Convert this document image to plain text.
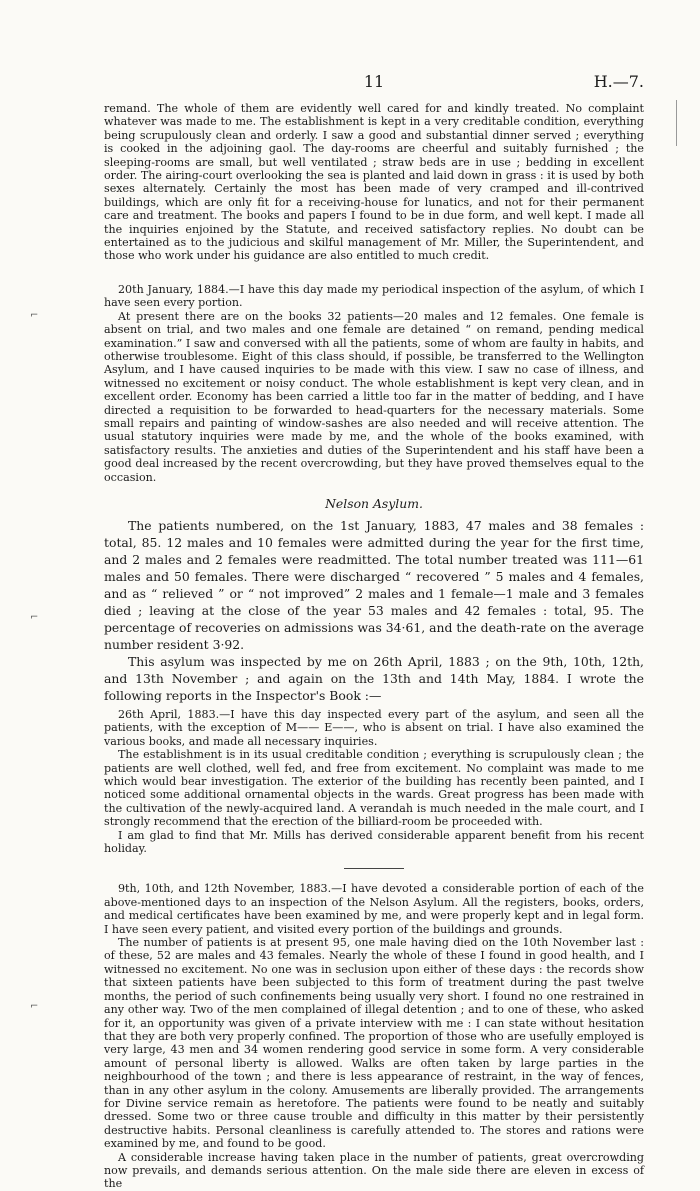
11	H.—7.
⌐
⌐
⌐

remand. The whole of them are evidently well cared for and kindly treated. No complaint whatever was made to me. The establishment is kept in a very creditable condition, everything being scrupulously clean and orderly. I saw a good and substantial dinner served ; everything is cooked in the adjoining gaol. The day-rooms are cheerful and suitably furnished ; the sleeping-rooms are small, but well ventilated ; straw beds are in use ; bedding in excellent order. The airing-court overlooking the sea is planted and laid down in grass : it is used by both sexes alternately. Certainly the most has been made of very cramped and ill-contrived buildings, which are only fit for a receiving-house for lunatics, and not for their permanent care and treatment. The books and papers I found to be in due form, and well kept. I made all the inquiries enjoined by the Statute, and received satisfactory replies. No doubt can be entertained as to the judicious and skilful management of Mr. Miller, the Superintendent, and those who work under his guidance are also entitled to much credit.

20th January, 1884.—I have this day made my periodical inspection of the asylum, of which I have seen every portion.

At present there are on the books 32 patients—20 males and 12 females. One female is absent on trial, and two males and one female are detained “ on remand, pending medical examination.” I saw and conversed with all the patients, some of whom are faulty in habits, and otherwise troublesome. Eight of this class should, if possible, be transferred to the Wellington Asylum, and I have caused inquiries to be made with this view. I saw no case of illness, and witnessed no excitement or noisy conduct. The whole establishment is kept very clean, and in excellent order. Economy has been carried a little too far in the matter of bedding, and I have directed a requisition to be forwarded to head-quarters for the necessary materials. Some small repairs and painting of window-sashes are also needed and will receive attention. The usual statutory inquiries were made by me, and the whole of the books examined, with satisfactory results. The anxieties and duties of the Superintendent and his staff have been a good deal increased by the recent overcrowding, but they have proved themselves equal to the occasion.

Nelson Asylum.

The patients numbered, on the 1st January, 1883, 47 males and 38 females : total, 85. 12 males and 10 females were admitted during the year for the first time, and 2 males and 2 females were readmitted. The total number treated was 111—61 males and 50 females. There were discharged “ recovered ” 5 males and 4 females, and as “ relieved ” or “ not improved” 2 males and 1 female—1 male and 3 females died ; leaving at the close of the year 53 males and 42 females : total, 95. The percentage of recoveries on admissions was 34·61, and the death-rate on the average number resident 3·92.

This asylum was inspected by me on 26th April, 1883 ; on the 9th, 10th, 12th, and 13th November ; and again on the 13th and 14th May, 1884. I wrote the following reports in the Inspector's Book :—

26th April, 1883.—I have this day inspected every part of the asylum, and seen all the patients, with the exception of M—— E——, who is absent on trial. I have also examined the various books, and made all necessary inquiries.

The establishment is in its usual creditable condition ; everything is scrupulously clean ; the patients are well clothed, well fed, and free from excitement. No complaint was made to me which would bear investigation. The exterior of the building has recently been painted, and I noticed some additional ornamental objects in the wards. Great progress has been made with the cultivation of the newly-acquired land. A verandah is much needed in the male court, and I strongly recommend that the erection of the billiard-room be proceeded with.

I am glad to find that Mr. Mills has derived considerable apparent benefit from his recent holiday.

9th, 10th, and 12th November, 1883.—I have devoted a considerable portion of each of the above-mentioned days to an inspection of the Nelson Asylum. All the registers, books, orders, and medical certificates have been examined by me, and were properly kept and in legal form. I have seen every patient, and visited every portion of the buildings and grounds.

The number of patients is at present 95, one male having died on the 10th November last : of these, 52 are males and 43 females. Nearly the whole of these I found in good health, and I witnessed no excitement. No one was in seclusion upon either of these days : the records show that sixteen patients have been subjected to this form of treatment during the past twelve months, the period of such confinements being usually very short. I found no one restrained in any other way. Two of the men complained of illegal detention ; and to one of these, who asked for it, an opportunity was given of a private interview with me : I can state without hesitation that they are both very properly confined. The proportion of those who are usefully employed is very large, 43 men and 34 women rendering good service in some form. A very considerable amount of personal liberty is allowed. Walks are often taken by large parties in the neighbourhood of the town ; and there is less appearance of restraint, in the way of fences, than in any other asylum in the colony. Amusements are liberally provided. The arrangements for Divine service remain as heretofore. The patients were found to be neatly and suitably dressed. Some two or three cause trouble and difficulty in this matter by their persistently destructive habits. Personal cleanliness is carefully attended to. The stores and rations were examined by me, and found to be good.

A considerable increase having taken place in the number of patients, great overcrowding now prevails, and demands serious attention. On the male side there are eleven in excess of the
